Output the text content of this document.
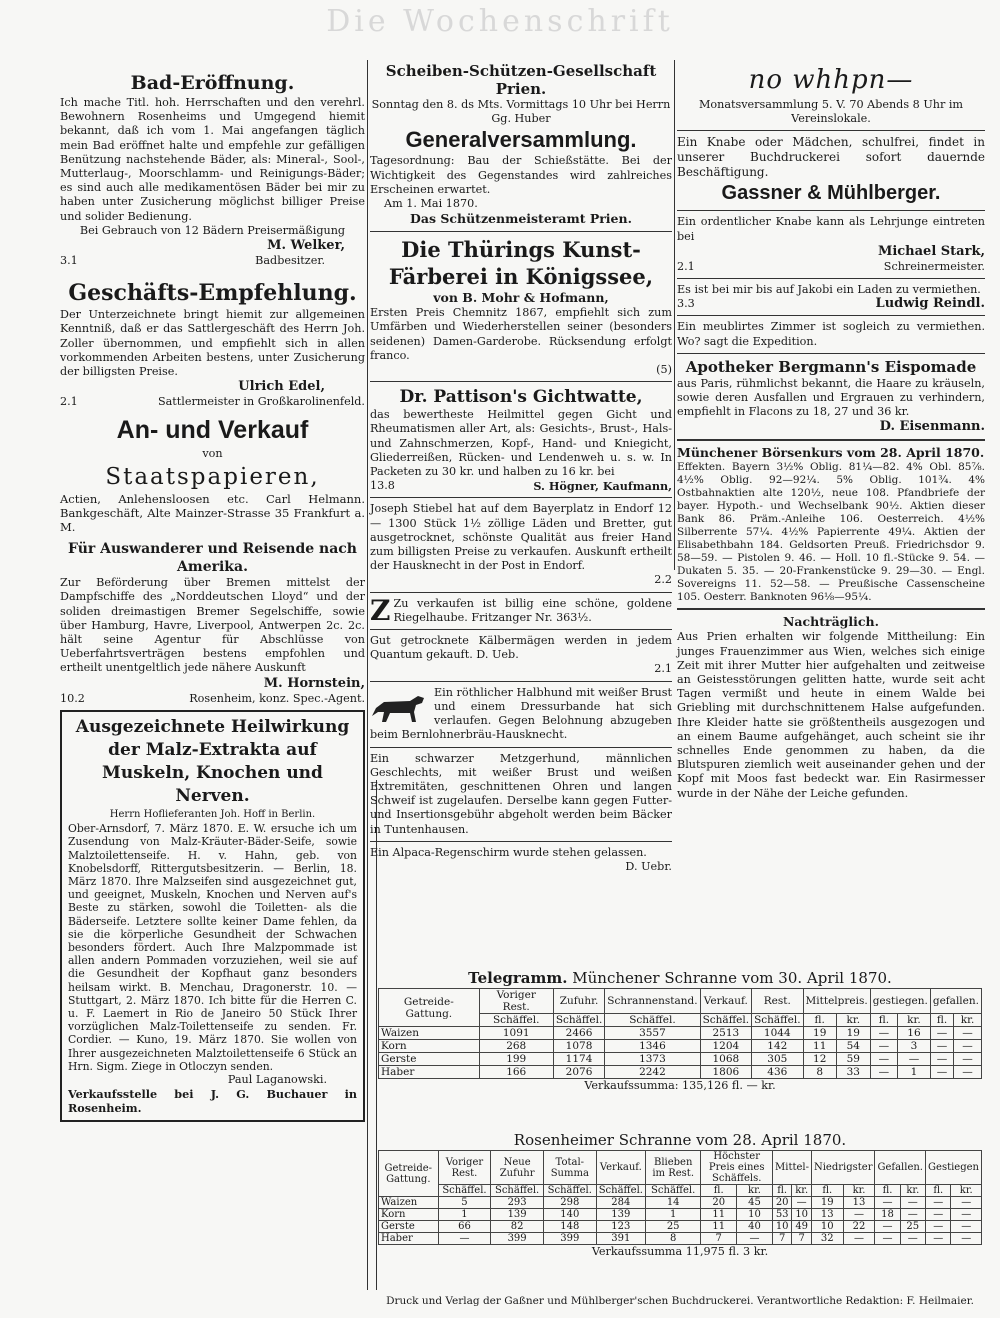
Die Wochenschrift

Bad-Eröffnung.

Ich mache Titl. hoh. Herrschaften und den verehrl. Bewohnern Rosenheims und Umgegend hiemit bekannt, daß ich vom 1. Mai angefangen täglich mein Bad eröffnet halte und empfehle zur gefälligen Benützung nachstehende Bäder, als: Mineral-, Sool-, Mutterlaug-, Moorschlamm- und Reinigungs-Bäder; es sind auch alle medikamentösen Bäder bei mir zu haben unter Zusicherung möglichst billiger Preise und solider Bedienung.

Bei Gebrauch von 12 Bädern Preisermäßigung

M. Welker,

3.1	Badbesitzer.

Geschäfts-Empfehlung.

Der Unterzeichnete bringt hiemit zur allgemeinen Kenntniß, daß er das Sattlergeschäft des Herrn Joh. Zoller übernommen, und empfiehlt sich in allen vorkommenden Arbeiten bestens, unter Zusicherung der billigsten Preise.

Ulrich Edel,

2.1	Sattlermeister in Großkarolinenfeld.

An- und Verkauf

von

Staatspapieren,

Actien, Anlehensloosen etc. Carl Helmann. Bankgeschäft, Alte Mainzer-Strasse 35 Frankfurt a. M.

Für Auswanderer und Reisende nach Amerika.

Zur Beförderung über Bremen mittelst der Dampfschiffe des „Norddeutschen Lloyd“ und der soliden dreimastigen Bremer Segelschiffe, sowie über Hamburg, Havre, Liverpool, Antwerpen 2c. 2c. hält seine Agentur für Abschlüsse von Ueberfahrtsverträgen bestens empfohlen und ertheilt unentgeltlich jede nähere Auskunft

M. Hornstein,

10.2	Rosenheim, konz. Spec.-Agent.

Ausgezeichnete Heilwirkung der Malz-Extrakta auf Muskeln, Knochen und Nerven.

Herrn Hoflieferanten Joh. Hoff in Berlin.

Ober-Arnsdorf, 7. März 1870. E. W. ersuche ich um Zusendung von Malz-Kräuter-Bäder-Seife, sowie Malztoilettenseife. H. v. Hahn, geb. von Knobelsdorff, Rittergutsbesitzerin. — Berlin, 18. März 1870. Ihre Malzseifen sind ausgezeichnet gut, und geeignet, Muskeln, Knochen und Nerven auf's Beste zu stärken, sowohl die Toiletten- als die Bäderseife. Letztere sollte keiner Dame fehlen, da sie die körperliche Gesundheit der Schwachen besonders fördert. Auch Ihre Malzpommade ist allen andern Pommaden vorzuziehen, weil sie auf die Gesundheit der Kopfhaut ganz besonders heilsam wirkt. B. Menchau, Dragonerstr. 10. — Stuttgart, 2. März 1870. Ich bitte für die Herren C. u. F. Laemert in Rio de Janeiro 50 Stück Ihrer vorzüglichen Malz-Toilettenseife zu senden. Fr. Cordier. — Kuno, 19. März 1870. Sie wollen von Ihrer ausgezeichneten Malztoilettenseife 6 Stück an Hrn. Sigm. Ziege in Otloczyn senden.

Paul Laganowski.

Verkaufsstelle bei J. G. Buchauer in Rosenheim.

Scheiben-Schützen-Gesellschaft Prien.

Sonntag den 8. ds Mts. Vormittags 10 Uhr bei Herrn Gg. Huber

Generalversammlung.

Tagesordnung: Bau der Schießstätte. Bei der Wichtigkeit des Gegenstandes wird zahlreiches Erscheinen erwartet.

Am 1. Mai 1870.

Das Schützenmeisteramt Prien.

Die Thürings Kunst-Färberei in Königssee,

von B. Mohr & Hofmann,

Ersten Preis Chemnitz 1867, empfiehlt sich zum Umfärben und Wiederherstellen seiner (besonders seidenen) Damen-Garderobe. Rücksendung erfolgt franco.

(5)

Dr. Pattison's Gichtwatte,

das bewertheste Heilmittel gegen Gicht und Rheumatismen aller Art, als: Gesichts-, Brust-, Hals- und Zahnschmerzen, Kopf-, Hand- und Kniegicht, Gliederreißen, Rücken- und Lendenweh u. s. w. In Packeten zu 30 kr. und halben zu 16 kr. bei

13.8	S. Högner, Kaufmann,

Joseph Stiebel hat auf dem Bayerplatz in Endorf 12 — 1300 Stück 1½ zöllige Läden und Bretter, gut ausgetrocknet, schönste Qualität aus freier Hand zum billigsten Preise zu verkaufen. Auskunft ertheilt der Hausknecht in der Post in Endorf.

2.2

Z Zu verkaufen ist billig eine schöne, goldene Riegelhaube. Fritzanger Nr. 363½.

Gut getrocknete Kälbermägen werden in jedem Quantum gekauft. D. Ueb.

2.1

Ein röthlicher Halbhund mit weißer Brust und einem Dressurbande hat sich verlaufen. Gegen Belohnung abzugeben beim Bernlohnerbräu-Hausknecht.

Ein schwarzer Metzgerhund, männlichen Geschlechts, mit weißer Brust und weißen Extremitäten, geschnittenen Ohren und langen Schweif ist zugelaufen. Derselbe kann gegen Futter- und Insertionsgebühr abgeholt werden beim Bäcker in Tuntenhausen.

Ein Alpaca-Regenschirm wurde stehen gelassen.

D. Uebr.

no whhpn—

Monatsversammlung 5. V. 70 Abends 8 Uhr im Vereinslokale.

Ein Knabe oder Mädchen, schulfrei, findet in unserer Buchdruckerei sofort dauernde Beschäftigung.

Gassner & Mühlberger.

Ein ordentlicher Knabe kann als Lehrjunge eintreten bei

Michael Stark,

2.1	Schreinermeister.

Es ist bei mir bis auf Jakobi ein Laden zu vermiethen.

3.3	Ludwig Reindl.

Ein meublirtes Zimmer ist sogleich zu vermiethen. Wo? sagt die Expedition.

Apotheker Bergmann's Eispomade

aus Paris, rühmlichst bekannt, die Haare zu kräuseln, sowie deren Ausfallen und Ergrauen zu verhindern, empfiehlt in Flacons zu 18, 27 und 36 kr.

D. Eisenmann.

Münchener Börsenkurs vom 28. April 1870.

Effekten. Bayern 3½% Oblig. 81¼—82. 4% Obl. 85⅞. 4½% Oblig. 92—92¼. 5% Oblig. 101¾. 4% Ostbahnaktien alte 120½, neue 108. Pfandbriefe der bayer. Hypoth.- und Wechselbank 90½. Aktien dieser Bank 86. Präm.-Anleihe 106. Oesterreich. 4½% Silberrente 57¼. 4½% Papierrente 49¼. Aktien der Elisabethbahn 184. Geldsorten Preuß. Friedrichsdor 9. 58—59. — Pistolen 9. 46. — Holl. 10 fl.-Stücke 9. 54. — Dukaten 5. 35. — 20-Frankenstücke 9. 29—30. — Engl. Sovereigns 11. 52—58. — Preußische Cassenscheine 105. Oesterr. Banknoten 96⅛—95¼.

Nachträglich.

Aus Prien erhalten wir folgende Mittheilung: Ein junges Frauenzimmer aus Wien, welches sich einige Zeit mit ihrer Mutter hier aufgehalten und zeitweise an Geistesstörungen gelitten hatte, wurde seit acht Tagen vermißt und heute in einem Walde bei Griebling mit durchschnittenem Halse aufgefunden. Ihre Kleider hatte sie größtentheils ausgezogen und an einem Baume aufgehänget, auch scheint sie ihr schnelles Ende genommen zu haben, da die Blutspuren ziemlich weit auseinander gehen und der Kopf mit Moos fast bedeckt war. Ein Rasirmesser wurde in der Nähe der Leiche gefunden.

Telegramm. Münchener Schranne vom 30. April 1870.
Getreide-Gattung.	Voriger Rest.	Zufuhr.	Schrannenstand.	Verkauf.	Rest.	Mittelpreis.		gestiegen.		gefallen.	
	Schäffel.	Schäffel.	Schäffel.	Schäffel.	Schäffel.	fl.	kr.	fl.	kr.	fl.	kr.
Waizen	1091	2466	3557	2513	1044	19	19	—	16	—	—
Korn	268	1078	1346	1204	142	11	54	—	3	—	—
Gerste	199	1174	1373	1068	305	12	59	—	—	—	—
Haber	166	2076	2242	1806	436	8	33	—	1	—	—

Verkaufssumma: 135,126 fl. — kr.

Rosenheimer Schranne vom 28. April 1870.
Getreide-Gattung.	Voriger Rest.	Neue Zufuhr	Total-Summa	Verkauf.	Blieben im Rest.	Höchster Preis eines Schäffels.		Mittel-		Niedrigster		Gefallen.		Gestiegen	
	Schäffel.	Schäffel.	Schäffel.	Schäffel.	Schäffel.	fl.	kr.	fl.	kr.	fl.	kr.	fl.	kr.	fl.	kr.
Waizen	5	293	298	284	14	20	45	20	—	19	13	—	—	—	—
Korn	1	139	140	139	1	11	10	53	10	13	—	18	—	—	—
Gerste	66	82	148	123	25	11	40	10	49	10	22	—	25	—	—
Haber	—	399	399	391	8	7	—	7	7	32	—	—	—	—	—

Verkaufssumma 11,975 fl. 3 kr.

Druck und Verlag der Gaßner und Mühlberger'schen Buchdruckerei. Verantwortliche Redaktion: F. Heilmaier.
